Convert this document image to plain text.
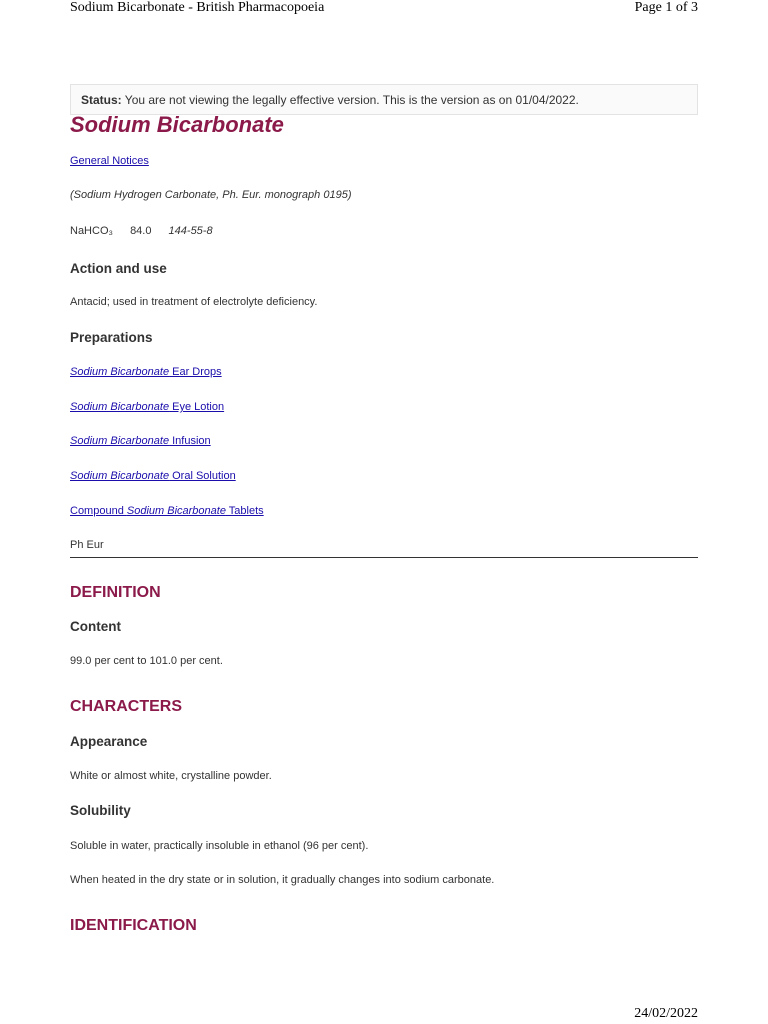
Sodium Bicarbonate - British Pharmacopoeia	Page 1 of 3
Status: You are not viewing the legally effective version. This is the version as on 01/04/2022.
Sodium Bicarbonate
General Notices
(Sodium Hydrogen Carbonate, Ph. Eur. monograph 0195)
NaHCO₃ 84.0 144-55-8
Action and use
Antacid; used in treatment of electrolyte deficiency.
Preparations
Sodium Bicarbonate Ear Drops
Sodium Bicarbonate Eye Lotion
Sodium Bicarbonate Infusion
Sodium Bicarbonate Oral Solution
Compound Sodium Bicarbonate Tablets
Ph Eur
DEFINITION
Content
99.0 per cent to 101.0 per cent.
CHARACTERS
Appearance
White or almost white, crystalline powder.
Solubility
Soluble in water, practically insoluble in ethanol (96 per cent).
When heated in the dry state or in solution, it gradually changes into sodium carbonate.
IDENTIFICATION
24/02/2022
